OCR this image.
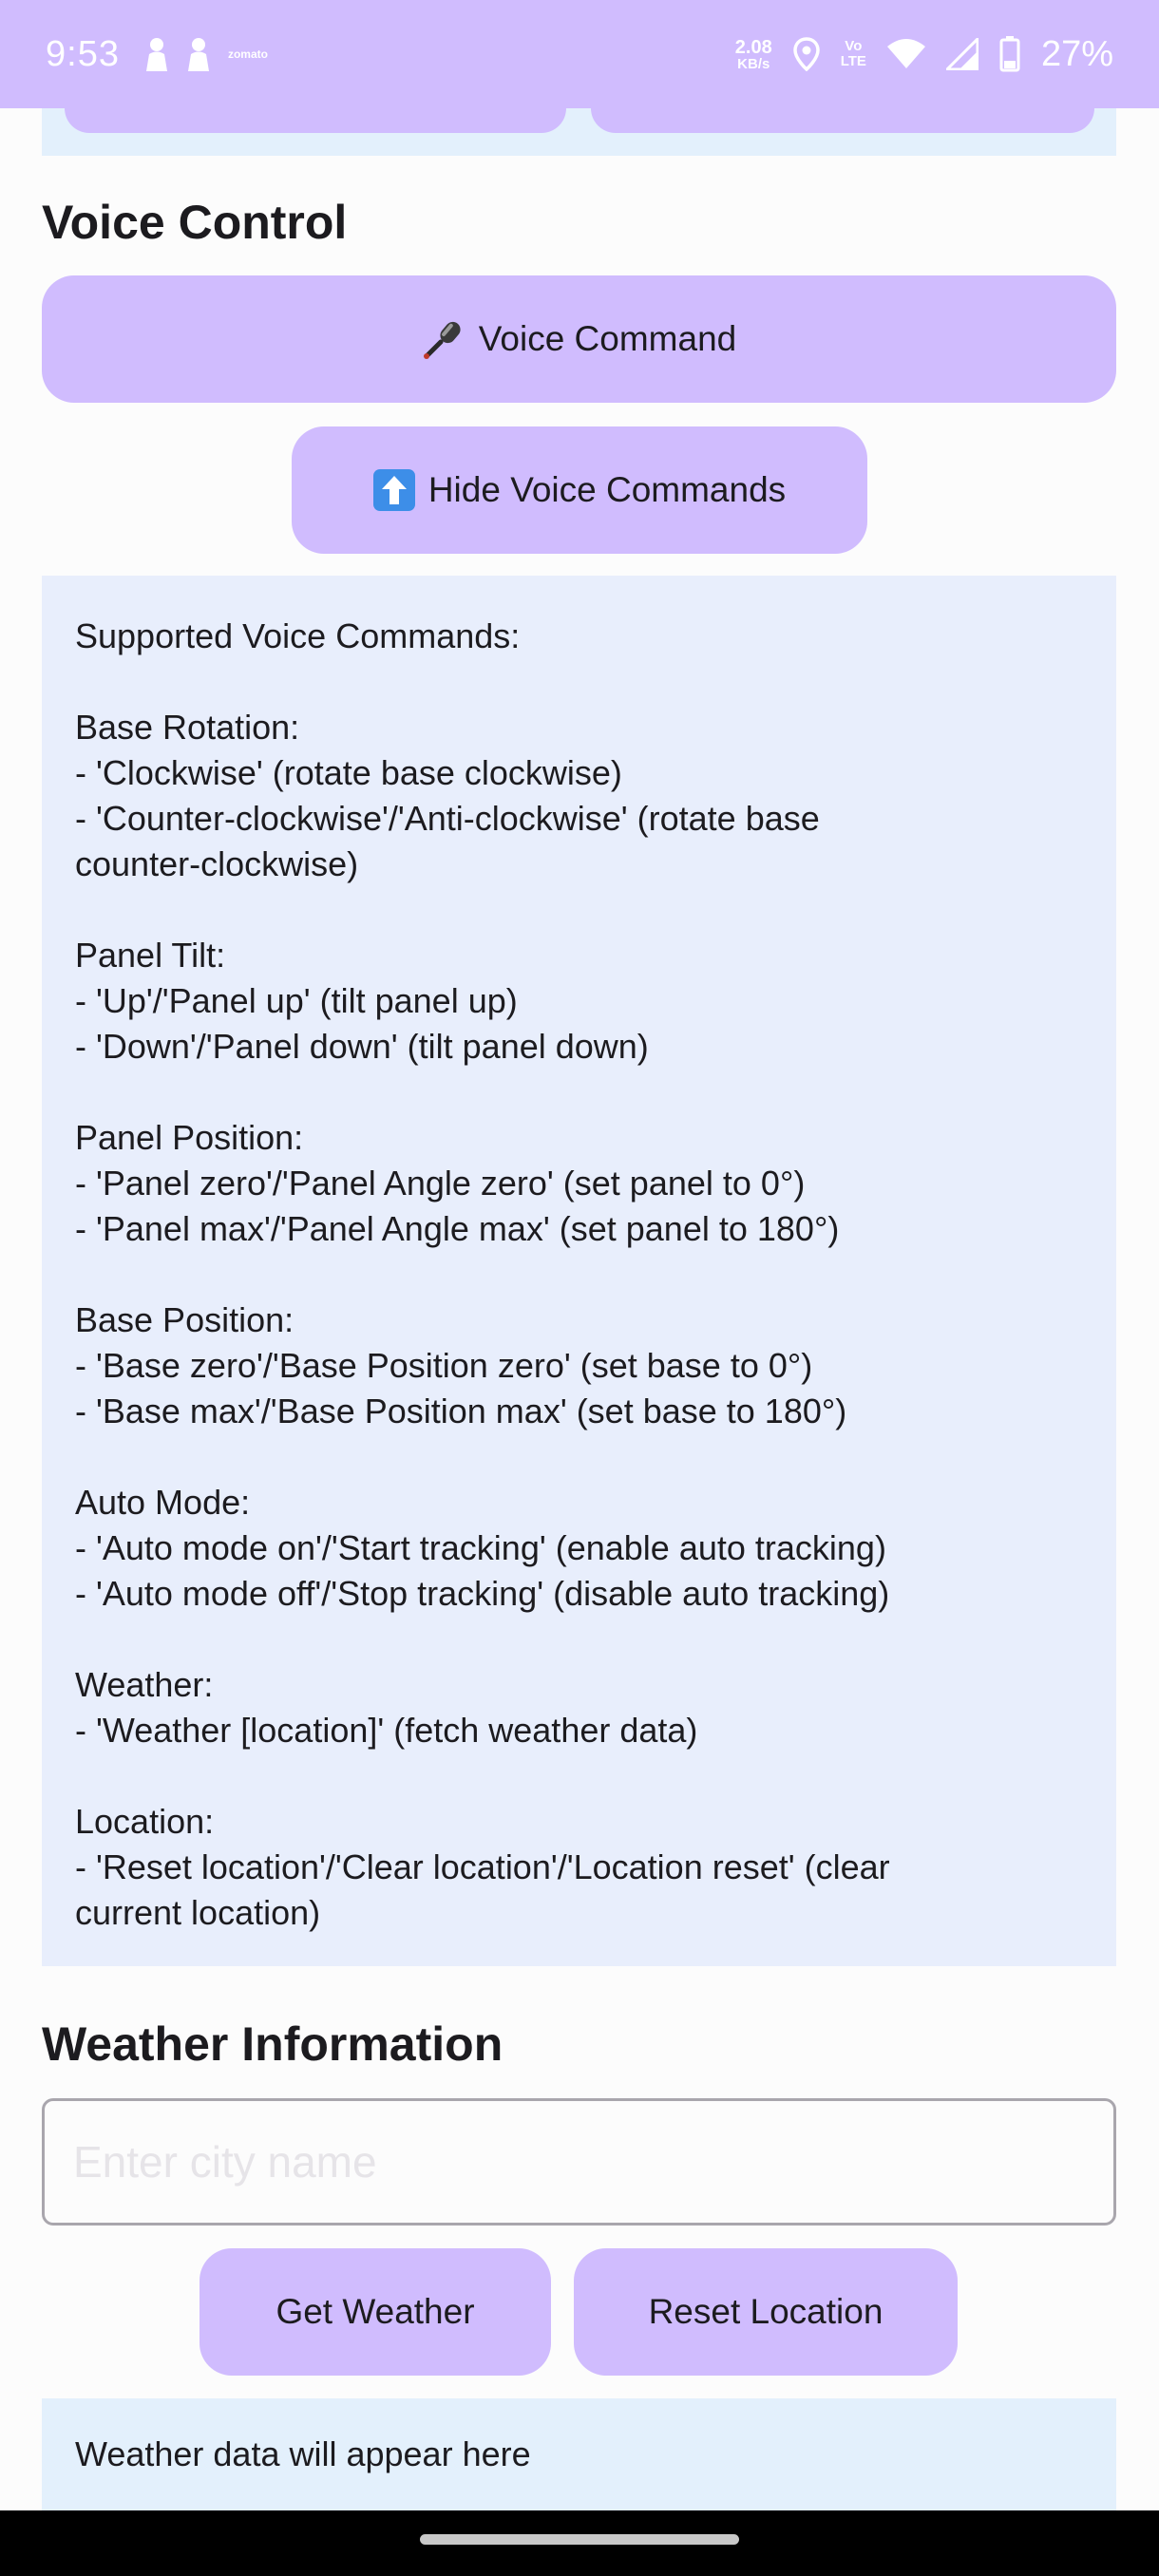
9:53	zomato	2.08
KB/s
Vo
LTE	27%
Voice Control
Voice Command
Hide Voice Commands

Supported Voice Commands:

Base Rotation:

- 'Clockwise' (rotate base clockwise)

- 'Counter-clockwise'/'Anti-clockwise' (rotate base

counter-clockwise)

Panel Tilt:

- 'Up'/'Panel up' (tilt panel up)

- 'Down'/'Panel down' (tilt panel down)

Panel Position:

- 'Panel zero'/'Panel Angle zero' (set panel to 0°)

- 'Panel max'/'Panel Angle max' (set panel to 180°)

Base Position:

- 'Base zero'/'Base Position zero' (set base to 0°)

- 'Base max'/'Base Position max' (set base to 180°)

Auto Mode:

- 'Auto mode on'/'Start tracking' (enable auto tracking)

- 'Auto mode off'/'Stop tracking' (disable auto tracking)

Weather:

- 'Weather [location]' (fetch weather data)

Location:

- 'Reset location'/'Clear location'/'Location reset' (clear

current location)

Weather Information
Enter city name
Get Weather	Reset Location
Weather data will appear here
